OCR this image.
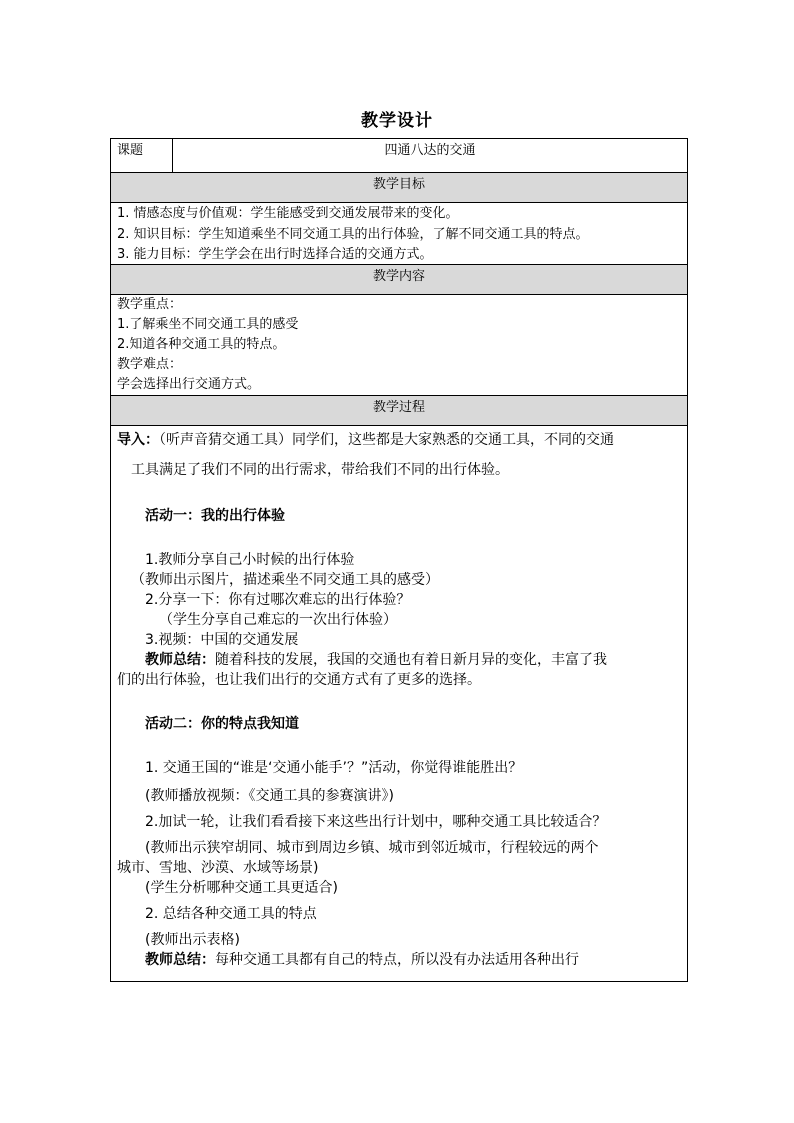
教学设计
课题	四通八达的交通
教学目标

1. 情感态度与价值观：学生能感受到交通发展带来的变化。
2. 知识目标：学生知道乘坐不同交通工具的出行体验，了解不同交通工具的特点。
3. 能力目标：学生学会在出行时选择合适的交通方式。

教学内容

教学重点：
1.了解乘坐不同交通工具的感受
2.知道各种交通工具的特点。
教学难点：
学会选择出行交通方式。

教学过程

导入：（听声音猜交通工具）同学们，这些都是大家熟悉的交通工具，不同的交通
工具满足了我们不同的出行需求，带给我们不同的出行体验。
活动一：我的出行体验
1.教师分享自己小时候的出行体验
（教师出示图片，描述乘坐不同交通工具的感受）
2.分享一下：你有过哪次难忘的出行体验？
（学生分享自己难忘的一次出行体验）
3.视频：中国的交通发展
教师总结：随着科技的发展，我国的交通也有着日新月异的变化，丰富了我
们的出行体验，也让我们出行的交通方式有了更多的选择。
活动二：你的特点我知道
1. 交通王国的“谁是‘交通小能手’？”活动，你觉得谁能胜出？
(教师播放视频：《交通工具的参赛演讲》)
2.加试一轮，让我们看看接下来这些出行计划中，哪种交通工具比较适合？
(教师出示狭窄胡同、城市到周边乡镇、城市到邻近城市，行程较远的两个
城市、雪地、沙漠、水域等场景)
(学生分析哪种交通工具更适合)
2. 总结各种交通工具的特点
(教师出示表格)
教师总结：每种交通工具都有自己的特点，所以没有办法适用各种出行
